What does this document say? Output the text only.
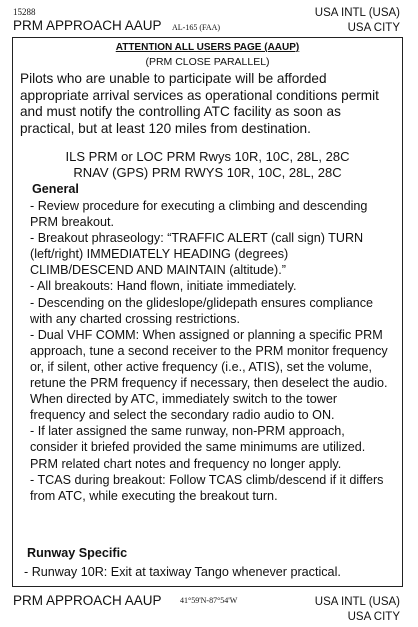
15288
PRM APPROACH AAUP AL-165 (FAA)
USA INTL (USA)
USA CITY
ATTENTION ALL USERS PAGE (AAUP)
(PRM CLOSE PARALLEL)
Pilots who are unable to participate will be afforded appropriate arrival services as operational conditions permit and must notify the controlling ATC facility as soon as practical, but at least 120 miles from destination.
ILS PRM or LOC PRM Rwys 10R, 10C, 28L, 28C
RNAV (GPS) PRM RWYS 10R, 10C, 28L, 28C
General
- Review procedure for executing a climbing and descending PRM breakout.
- Breakout phraseology: “TRAFFIC ALERT (call sign) TURN (left/right) IMMEDIATELY HEADING (degrees) CLIMB/DESCEND AND MAINTAIN (altitude).”
- All breakouts: Hand flown, initiate immediately.
- Descending on the glideslope/glidepath ensures compliance with any charted crossing restrictions.
- Dual VHF COMM: When assigned or planning a specific PRM approach, tune a second receiver to the PRM monitor frequency or, if silent, other active frequency (i.e., ATIS), set the volume, retune the PRM frequency if necessary, then deselect the audio. When directed by ATC, immediately switch to the tower frequency and select the secondary radio audio to ON.
- If later assigned the same runway, non-PRM approach, consider it briefed provided the same minimums are utilized. PRM related chart notes and frequency no longer apply.
- TCAS during breakout: Follow TCAS climb/descend if it differs from ATC, while executing the breakout turn.
Runway Specific
- Runway 10R: Exit at taxiway Tango whenever practical.
PRM APPROACH AAUP 41°59'N-87°54'W	USA INTL (USA)
USA CITY
